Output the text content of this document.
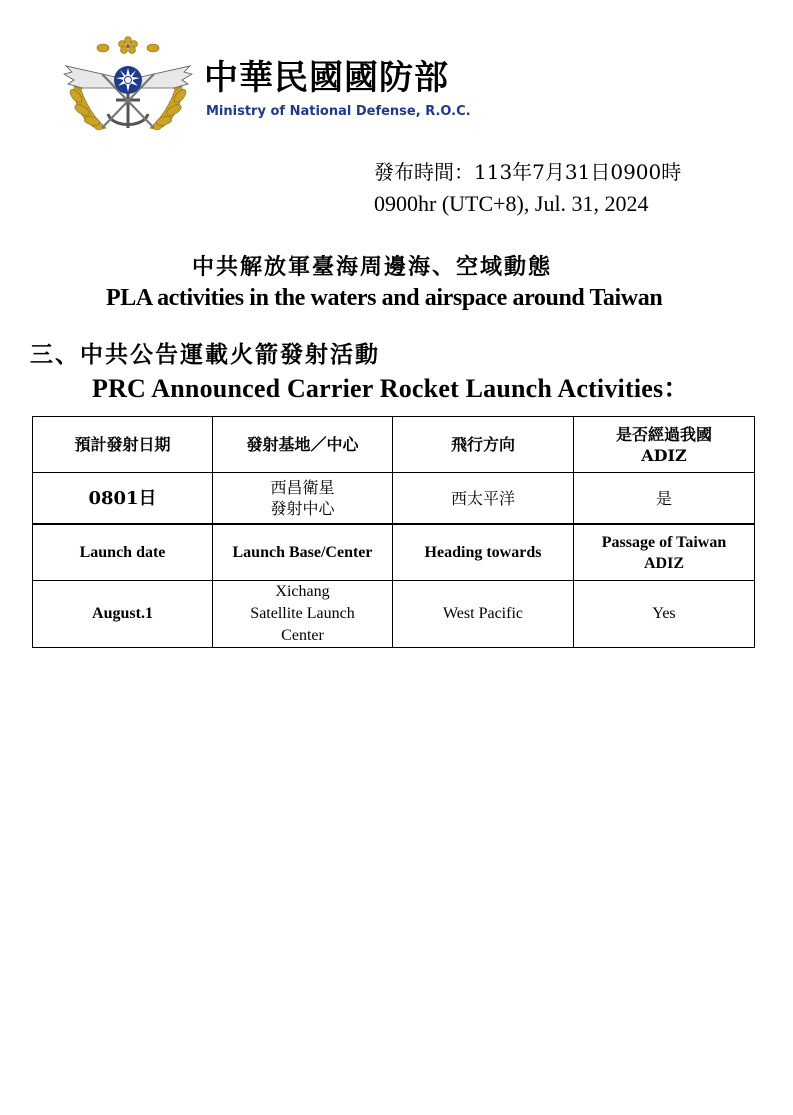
中華民國國防部
Ministry of National Defense, R.O.C.
發布時間：113年7月31日0900時
0900hr (UTC+8), Jul. 31, 2024
中共解放軍臺海周邊海、空域動態
PLA activities in the waters and airspace around Taiwan
三、中共公告運載火箭發射活動
PRC Announced Carrier Rocket Launch Activities：
預計發射日期	發射基地／中心	飛行方向	是否經過我國
ADIZ
0801日	西昌衛星
發射中心	西太平洋	是
Launch date	Launch Base/Center	Heading towards	Passage of Taiwan
ADIZ
August.1	Xichang
Satellite Launch
Center	West Pacific	Yes
